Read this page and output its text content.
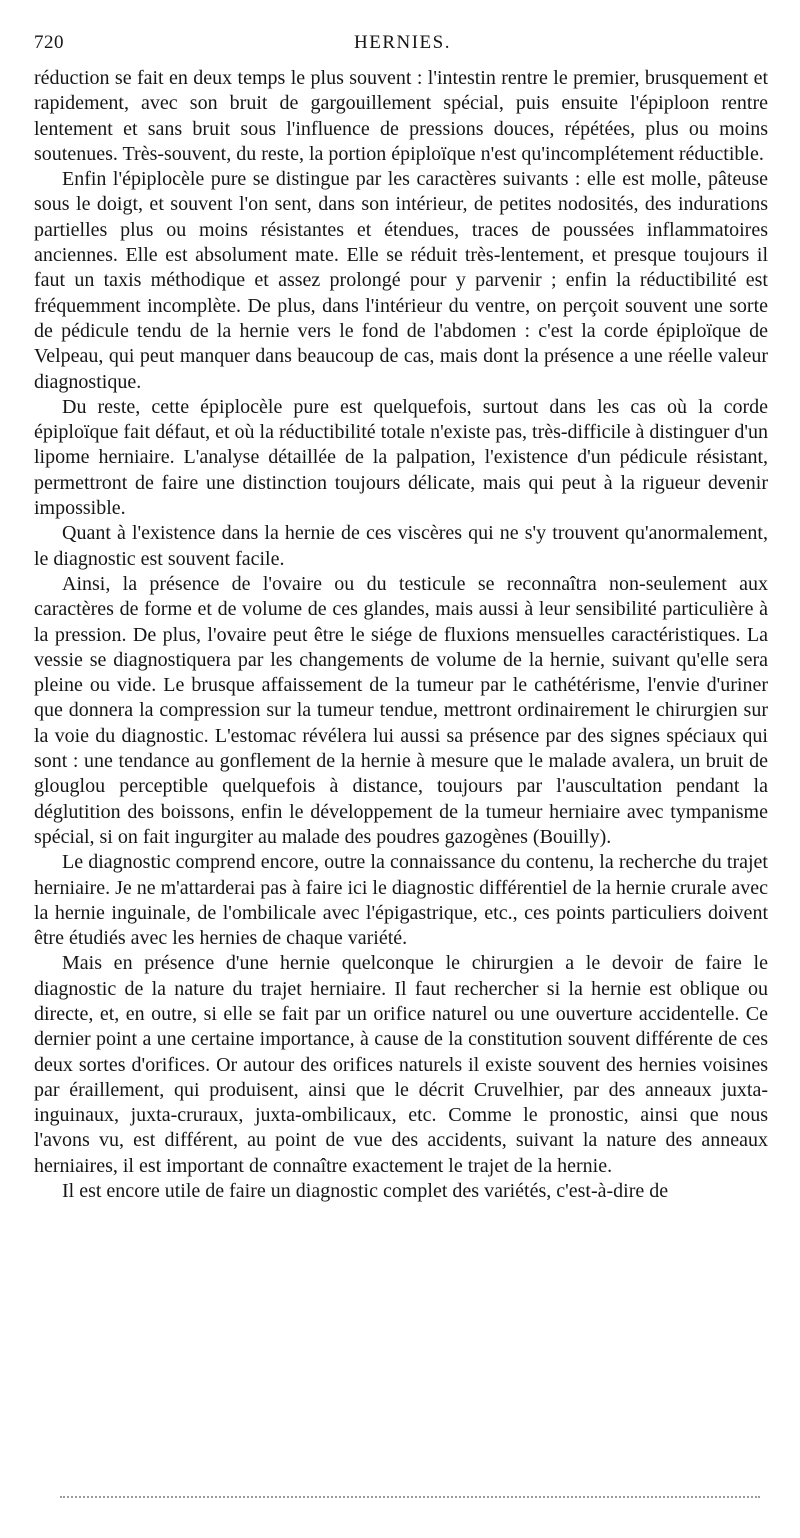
720	HERNIES.

réduction se fait en deux temps le plus souvent : l'intestin rentre le premier, brusquement et rapidement, avec son bruit de gargouillement spécial, puis ensuite l'épiploon rentre lentement et sans bruit sous l'influence de pressions douces, répétées, plus ou moins soutenues. Très-souvent, du reste, la portion épiploïque n'est qu'incomplétement réductible.

Enfin l'épiplocèle pure se distingue par les caractères suivants : elle est molle, pâteuse sous le doigt, et souvent l'on sent, dans son intérieur, de petites nodosités, des indurations partielles plus ou moins résistantes et étendues, traces de poussées inflammatoires anciennes. Elle est absolument mate. Elle se réduit très-lentement, et presque toujours il faut un taxis méthodique et assez prolongé pour y parvenir ; enfin la réductibilité est fréquemment incomplète. De plus, dans l'intérieur du ventre, on perçoit souvent une sorte de pédicule tendu de la hernie vers le fond de l'abdomen : c'est la corde épiploïque de Velpeau, qui peut manquer dans beaucoup de cas, mais dont la présence a une réelle valeur diagnostique.

Du reste, cette épiplocèle pure est quelquefois, surtout dans les cas où la corde épiploïque fait défaut, et où la réductibilité totale n'existe pas, très-difficile à distinguer d'un lipome herniaire. L'analyse détaillée de la palpation, l'existence d'un pédicule résistant, permettront de faire une distinction toujours délicate, mais qui peut à la rigueur devenir impossible.

Quant à l'existence dans la hernie de ces viscères qui ne s'y trouvent qu'anormalement, le diagnostic est souvent facile.

Ainsi, la présence de l'ovaire ou du testicule se reconnaîtra non-seulement aux caractères de forme et de volume de ces glandes, mais aussi à leur sensibilité particulière à la pression. De plus, l'ovaire peut être le siége de fluxions mensuelles caractéristiques. La vessie se diagnostiquera par les changements de volume de la hernie, suivant qu'elle sera pleine ou vide. Le brusque affaissement de la tumeur par le cathétérisme, l'envie d'uriner que donnera la compression sur la tumeur tendue, mettront ordinairement le chirurgien sur la voie du diagnostic. L'estomac révélera lui aussi sa présence par des signes spéciaux qui sont : une tendance au gonflement de la hernie à mesure que le malade avalera, un bruit de glouglou perceptible quelquefois à distance, toujours par l'auscultation pendant la déglutition des boissons, enfin le développement de la tumeur herniaire avec tympanisme spécial, si on fait ingurgiter au malade des poudres gazogènes (Bouilly).

Le diagnostic comprend encore, outre la connaissance du contenu, la recherche du trajet herniaire. Je ne m'attarderai pas à faire ici le diagnostic différentiel de la hernie crurale avec la hernie inguinale, de l'ombilicale avec l'épigastrique, etc., ces points particuliers doivent être étudiés avec les hernies de chaque variété.

Mais en présence d'une hernie quelconque le chirurgien a le devoir de faire le diagnostic de la nature du trajet herniaire. Il faut rechercher si la hernie est oblique ou directe, et, en outre, si elle se fait par un orifice naturel ou une ouverture accidentelle. Ce dernier point a une certaine importance, à cause de la constitution souvent différente de ces deux sortes d'orifices. Or autour des orifices naturels il existe souvent des hernies voisines par éraillement, qui produisent, ainsi que le décrit Cruvelhier, par des anneaux juxta-inguinaux, juxta-cruraux, juxta-ombilicaux, etc. Comme le pronostic, ainsi que nous l'avons vu, est différent, au point de vue des accidents, suivant la nature des anneaux herniaires, il est important de connaître exactement le trajet de la hernie.

Il est encore utile de faire un diagnostic complet des variétés, c'est-à-dire de
